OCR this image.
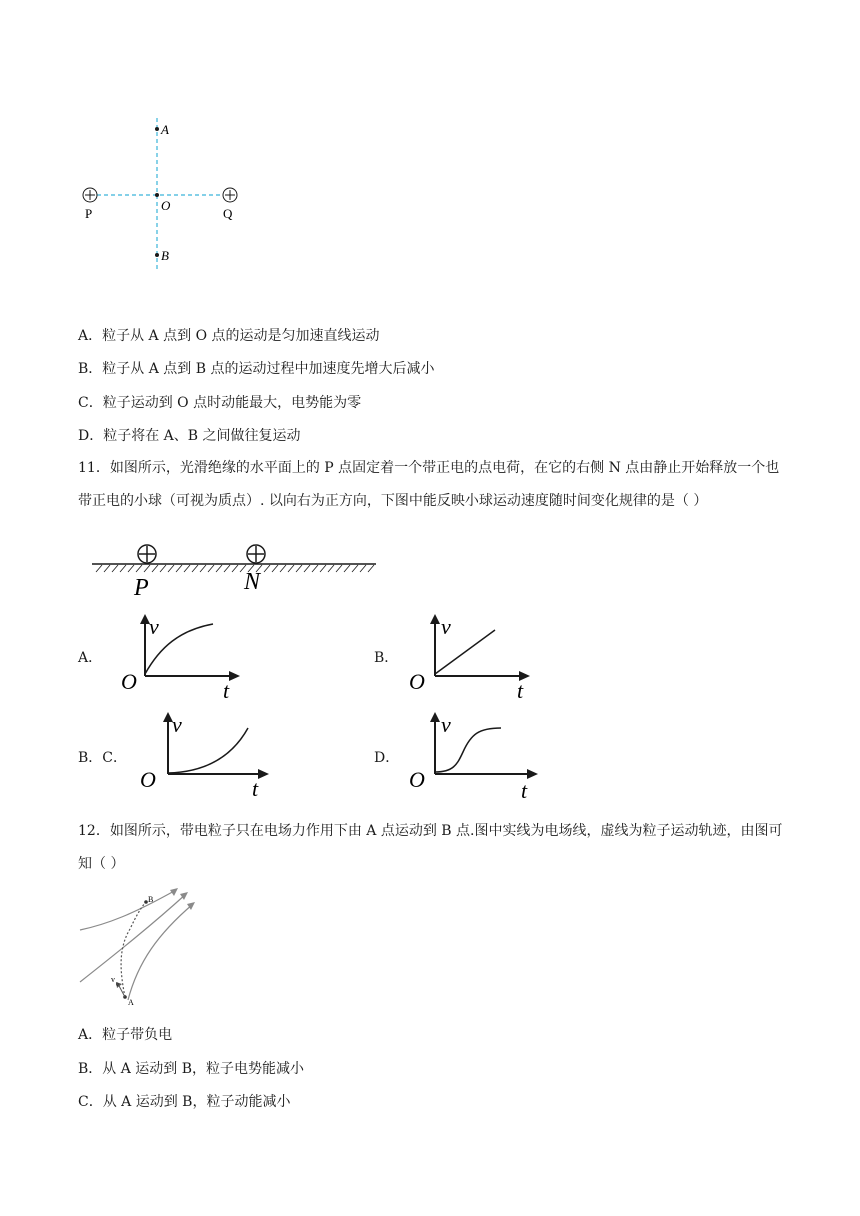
A
O
B
P	Q
A．粒子从 A 点到 O 点的运动是匀加速直线运动
B．粒子从 A 点到 B 点的运动过程中加速度先增大后减小
C．粒子运动到 O 点时动能最大，电势能为零
D．粒子将在 A、B 之间做往复运动
11．如图所示，光滑绝缘的水平面上的 P 点固定着一个带正电的点电荷，在它的右侧 N 点由静止开始释放一个也带正电的小球（可视为质点）. 以向右为正方向，下图中能反映小球运动速度随时间变化规律的是（ ）
P	N
A．	B．
B．C．	D．
v
O	t
v
O	t
v
O	t
v
O	t
12．如图所示，带电粒子只在电场力作用下由 A 点运动到 B 点.图中实线为电场线，虚线为粒子运动轨迹，由图可知（ ）
B
A
v
0
A．粒子带负电
B．从 A 运动到 B，粒子电势能减小
C．从 A 运动到 B，粒子动能减小
